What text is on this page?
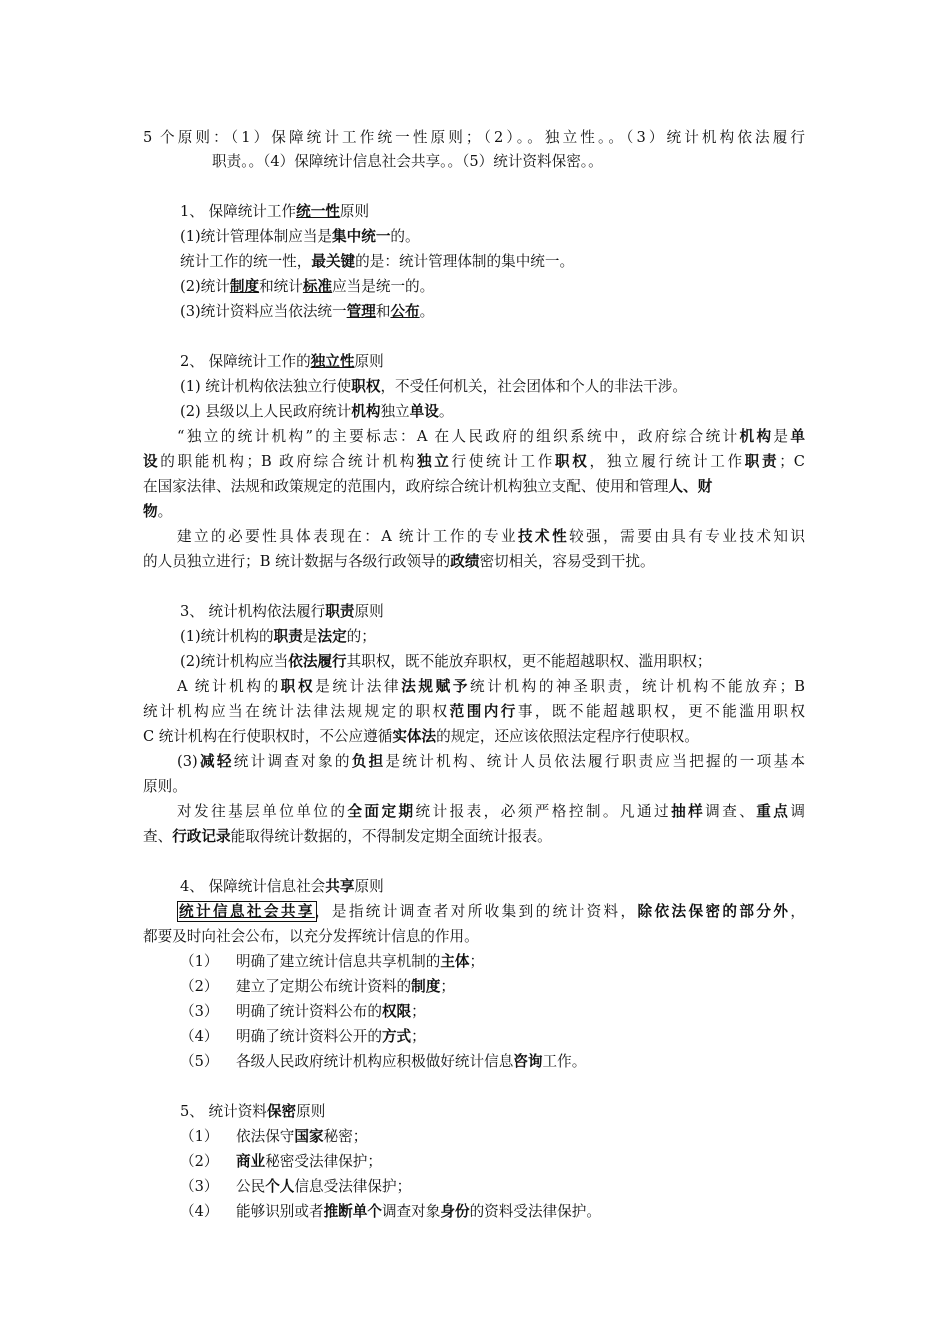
5 个原则：（1）保障统计工作统一性原则；（2）。。独立性。。（3）统计机构依法履行
职责。。（4）保障统计信息社会共享。。（5）统计资料保密。。
1、 保障统计工作统一性原则
(1)统计管理体制应当是集中统一的。
统计工作的统一性，最关键的是：统计管理体制的集中统一。
(2)统计制度和统计标准应当是统一的。
(3)统计资料应当依法统一管理和公布。
2、 保障统计工作的独立性原则
(1) 统计机构依法独立行使职权，不受任何机关，社会团体和个人的非法干涉。
(2) 县级以上人民政府统计机构独立单设。
“独立的统计机构”的主要标志：A 在人民政府的组织系统中，政府综合统计机构是单
设的职能机构；B 政府综合统计机构独立行使统计工作职权，独立履行统计工作职责；C
在国家法律、法规和政策规定的范围内，政府综合统计机构独立支配、使用和管理人、财
物。
建立的必要性具体表现在：A 统计工作的专业技术性较强，需要由具有专业技术知识
的人员独立进行；B 统计数据与各级行政领导的政绩密切相关，容易受到干扰。
3、 统计机构依法履行职责原则
(1)统计机构的职责是法定的；
(2)统计机构应当依法履行其职权，既不能放弃职权，更不能超越职权、滥用职权；
A 统计机构的职权是统计法律法规赋予统计机构的神圣职责，统计机构不能放弃；B
统计机构应当在统计法律法规规定的职权范围内行事，既不能超越职权，更不能滥用职权
C 统计机构在行使职权时，不公应遵循实体法的规定，还应该依照法定程序行使职权。
(3)减轻统计调查对象的负担是统计机构、统计人员依法履行职责应当把握的一项基本
原则。
对发往基层单位单位的全面定期统计报表，必须严格控制。凡通过抽样调查、重点调
查、行政记录能取得统计数据的，不得制发定期全面统计报表。
4、 保障统计信息社会共享原则
统计信息社会共享，是指统计调查者对所收集到的统计资料，除依法保密的部分外，
都要及时向社会公布，以充分发挥统计信息的作用。
（1） 明确了建立统计信息共享机制的主体；
（2） 建立了定期公布统计资料的制度；
（3） 明确了统计资料公布的权限；
（4） 明确了统计资料公开的方式；
（5） 各级人民政府统计机构应积极做好统计信息咨询工作。
5、 统计资料保密原则
（1） 依法保守国家秘密；
（2） 商业秘密受法律保护；
（3） 公民个人信息受法律保护；
（4） 能够识别或者推断单个调查对象身份的资料受法律保护。
